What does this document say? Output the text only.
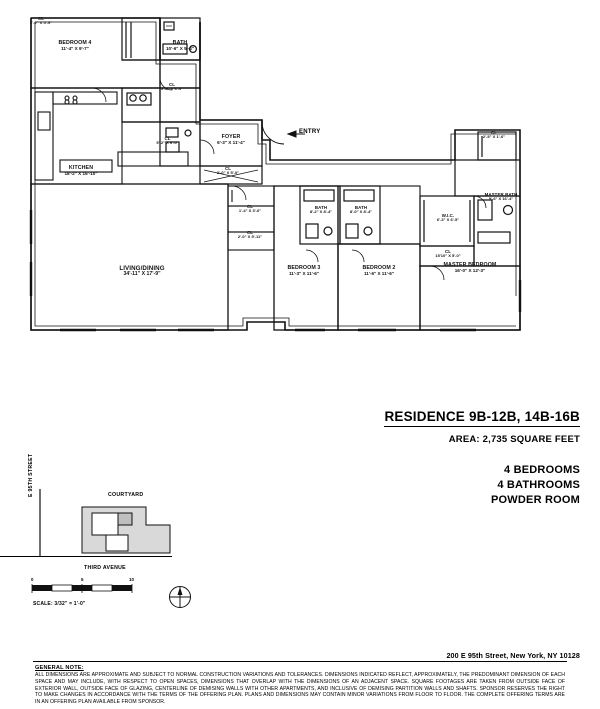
CL
2'-0" X 5'-9"
BEDROOM 4
11'-4" X 9'-7"
BATH
10'-6" X 5'-4"
CL
3'-8" X 3'-0"
CL
5'-2" X 6'-0"
KITCHEN
18'-2" X 16'-10"
CL
2'-0" X 5'-0"
FOYER
6'-3" X 11'-4"
ENTRY
CL
1'-4" X 3'-6"
CL
2'-0" X 5'-11"
LIVING/DINING
34'-11" X 17'-9"
BEDROOM 3
11'-3" X 11'-6"
BATH
8'-2" X 8'-4"
BATH
8'-0" X 8'-4"
BEDROOM 2
11'-6" X 11'-6"
W.I.C.
6'-3" X 6'-5"
CL
15'10" X 5'-0"
MASTER BEDROOM
16'-0" X 12'-3"
MASTER BATH
9'-6" X 16'-4"
CL
2'-5" X 1'-6"
RESIDENCE 9B-12B, 14B-16B
AREA: 2,735 SQUARE FEET
4 BEDROOMS
4 BATHROOMS
POWDER ROOM
COURTYARD
THIRD AVENUE
E 95TH STREET
0	5	10
SCALE: 3/32" = 1'-0"
200 E 95th Street, New York, NY 10128
GENERAL NOTE:
ALL DIMENSIONS ARE APPROXIMATE AND SUBJECT TO NORMAL CONSTRUCTION VARIATIONS AND TOLERANCES. DIMENSIONS INDICATED REFLECT, APPROXIMATELY, THE PREDOMINANT DIMENSION OF EACH SPACE AND MAY INCLUDE, WITH RESPECT TO OPEN SPACES, DIMENSIONS THAT OVERLAP WITH THE DIMENSIONS OF AN ADJACENT SPACE. SQUARE FOOTAGES ARE TAKEN FROM OUTSIDE FACE OF EXTERIOR WALL, OUTSIDE FACE OF GLAZING, CENTERLINE OF DEMISING WALLS WITH OTHER APARTMENTS, AND INCLUSIVE OF DEMISING PARTITION WALLS AND SHAFTS. SPONSOR RESERVES THE RIGHT TO MAKE CHANGES IN ACCORDANCE WITH THE TERMS OF THE OFFERING PLAN. PLANS AND DIMENSIONS MAY CONTAIN MINOR VARIATIONS FROM FLOOR TO FLOOR. THE COMPLETE OFFERING TERMS ARE IN AN OFFERING PLAN AVAILABLE FROM SPONSOR.
